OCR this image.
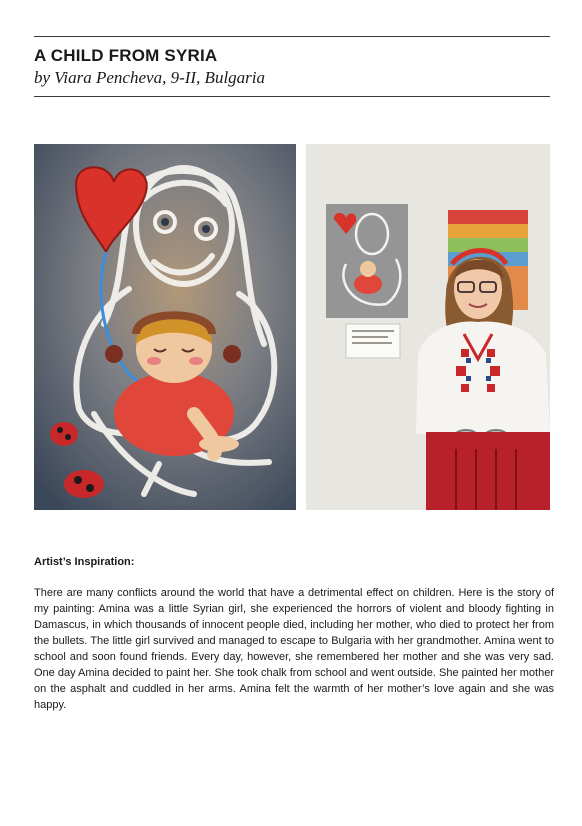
A CHILD FROM SYRIA

by Viara Pencheva, 9-II, Bulgaria

Artist’s Inspiration:

There are many conflicts around the world that have a detrimental effect on children. Here is the story of my painting: Amina was a little Syrian girl, she experienced the horrors of violent and bloody fighting in Damascus, in which thousands of innocent people died, including her mother, who died to protect her from the bullets. The little girl survived and managed to escape to Bulgaria with her grandmother. Amina went to school and soon found friends. Every day, however, she remembered her mother and she was very sad. One day Amina decided to paint her. She took chalk from school and went outside. She painted her mother on the asphalt and cuddled in her arms. Amina felt the warmth of her mother’s love again and she was happy.
